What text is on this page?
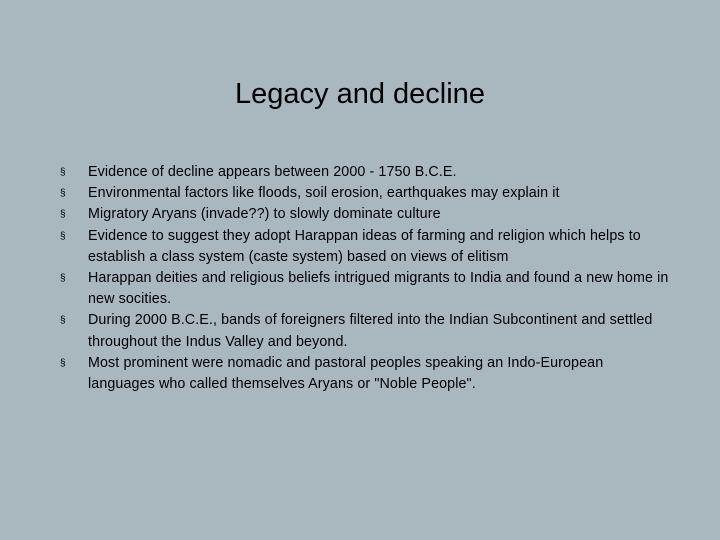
Legacy and decline
§	Evidence of decline appears between 2000 - 1750 B.C.E.
§	Environmental factors like floods, soil erosion, earthquakes may explain it
§	Migratory Aryans (invade??) to slowly dominate culture
§	Evidence to suggest they adopt Harappan ideas of farming and religion which helps to establish a class system (caste system) based on views of elitism
§	Harappan deities and religious beliefs intrigued migrants to India and found a new home in new socities.
§	During 2000 B.C.E., bands of foreigners filtered into the Indian Subcontinent and settled throughout the Indus Valley and beyond.
§	Most prominent were nomadic and pastoral peoples speaking an Indo-European languages who called themselves Aryans or "Noble People".
